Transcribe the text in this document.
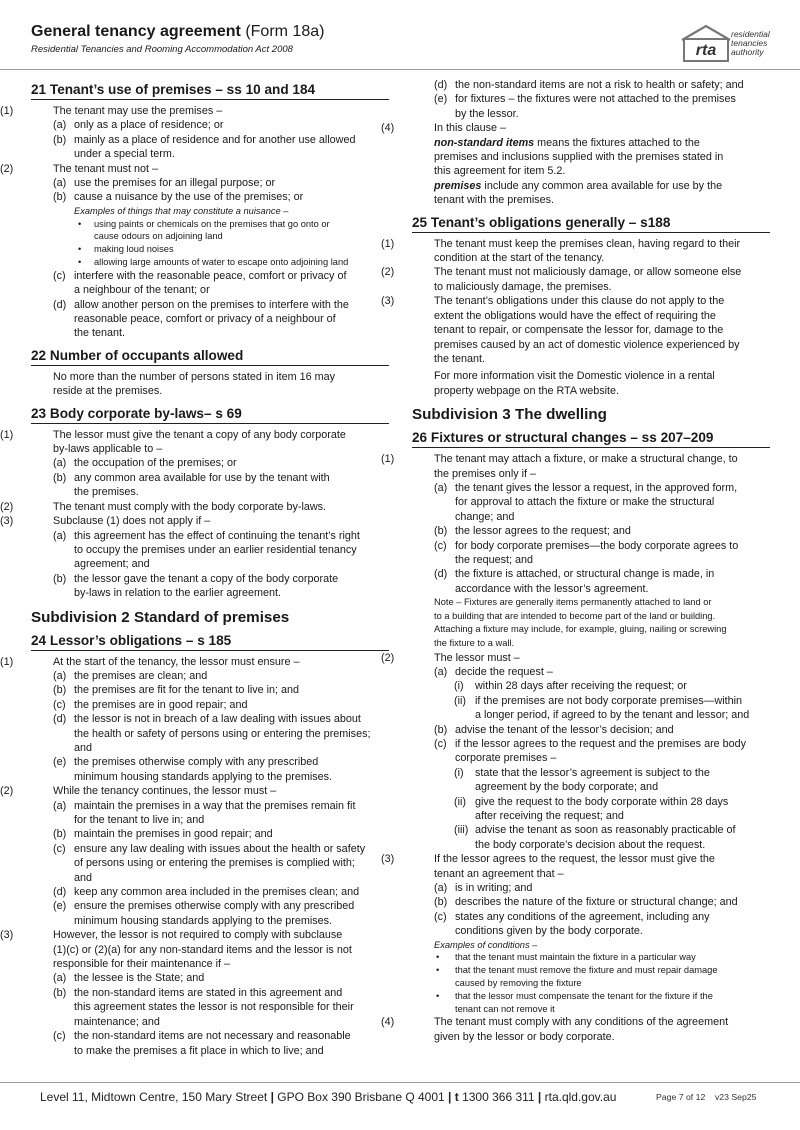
General tenancy agreement (Form 18a)
Residential Tenancies and Rooming Accommodation Act 2008	rta
residential
tenancies
authority
21 Tenant’s use of premises – ss 10 and 184
(1)	The tenant may use the premises –
(a) only as a place of residence; or
(b) mainly as a place of residence and for another use allowed
under a special term.
(2)	The tenant must not –
(a) use the premises for an illegal purpose; or
(b) cause a nuisance by the use of the premises; or
Examples of things that may constitute a nuisance –
• using paints or chemicals on the premises that go onto or
cause odours on adjoining land
• making loud noises
• allowing large amounts of water to escape onto adjoining land
(c) interfere with the reasonable peace, comfort or privacy of
a neighbour of the tenant; or
(d) allow another person on the premises to interfere with the
reasonable peace, comfort or privacy of a neighbour of
the tenant.
22 Number of occupants allowed
No more than the number of persons stated in item 16 may
reside at the premises.
23 Body corporate by-laws– s 69
(1)	The lessor must give the tenant a copy of any body corporate
by-laws applicable to –
(a) the occupation of the premises; or
(b) any common area available for use by the tenant with
the premises.
(2)	The tenant must comply with the body corporate by-laws.
(3)	Subclause (1) does not apply if –
(a) this agreement has the effect of continuing the tenant’s right
to occupy the premises under an earlier residential tenancy
agreement; and
(b) the lessor gave the tenant a copy of the body corporate
by-laws in relation to the earlier agreement.
Subdivision 2 Standard of premises
24 Lessor’s obligations – s 185
(1)	At the start of the tenancy, the lessor must ensure –
(a) the premises are clean; and
(b) the premises are fit for the tenant to live in; and
(c) the premises are in good repair; and
(d) the lessor is not in breach of a law dealing with issues about
the health or safety of persons using or entering the premises;
and
(e) the premises otherwise comply with any prescribed
minimum housing standards applying to the premises.
(2)	While the tenancy continues, the lessor must –
(a) maintain the premises in a way that the premises remain fit
for the tenant to live in; and
(b) maintain the premises in good repair; and
(c) ensure any law dealing with issues about the health or safety
of persons using or entering the premises is complied with;
and
(d) keep any common area included in the premises clean; and
(e) ensure the premises otherwise comply with any prescribed
minimum housing standards applying to the premises.
(3)	However, the lessor is not required to comply with subclause
(1)(c) or (2)(a) for any non-standard items and the lessor is not
responsible for their maintenance if –
(a) the lessee is the State; and
(b) the non-standard items are stated in this agreement and
this agreement states the lessor is not responsible for their
maintenance; and
(c) the non-standard items are not necessary and reasonable
to make the premises a fit place in which to live; and
(d) the non-standard items are not a risk to health or safety; and
(e) for fixtures – the fixtures were not attached to the premises
by the lessor.
(4)	In this clause –
non-standard items means the fixtures attached to the
premises and inclusions supplied with the premises stated in
this agreement for item 5.2.
premises include any common area available for use by the
tenant with the premises.
25 Tenant’s obligations generally – s188
(1)	The tenant must keep the premises clean, having regard to their
condition at the start of the tenancy.
(2)	The tenant must not maliciously damage, or allow someone else
to maliciously damage, the premises.
(3)	The tenant’s obligations under this clause do not apply to the
extent the obligations would have the effect of requiring the
tenant to repair, or compensate the lessor for, damage to the
premises caused by an act of domestic violence experienced by
the tenant.
For more information visit the Domestic violence in a rental
property webpage on the RTA website.
Subdivision 3 The dwelling
26 Fixtures or structural changes – ss 207–209
(1)	The tenant may attach a fixture, or make a structural change, to
the premises only if –
(a) the tenant gives the lessor a request, in the approved form,
for approval to attach the fixture or make the structural
change; and
(b) the lessor agrees to the request; and
(c) for body corporate premises—the body corporate agrees to
the request; and
(d) the fixture is attached, or structural change is made, in
accordance with the lessor’s agreement.
Note – Fixtures are generally items permanently attached to land or
to a building that are intended to become part of the land or building.
Attaching a fixture may include, for example, gluing, nailing or screwing
the fixture to a wall.
(2)	The lessor must –
(a) decide the request –
(i) within 28 days after receiving the request; or
(ii) if the premises are not body corporate premises—within
a longer period, if agreed to by the tenant and lessor; and
(b) advise the tenant of the lessor’s decision; and
(c) if the lessor agrees to the request and the premises are body
corporate premises –
(i) state that the lessor’s agreement is subject to the
agreement by the body corporate; and
(ii) give the request to the body corporate within 28 days
after receiving the request; and
(iii) advise the tenant as soon as reasonably practicable of
the body corporate’s decision about the request.
(3)	If the lessor agrees to the request, the lessor must give the
tenant an agreement that –
(a) is in writing; and
(b) describes the nature of the fixture or structural change; and
(c) states any conditions of the agreement, including any
conditions given by the body corporate.
Examples of conditions –
• that the tenant must maintain the fixture in a particular way
• that the tenant must remove the fixture and must repair damage
caused by removing the fixture
• that the lessor must compensate the tenant for the fixture if the
tenant can not remove it
(4)	The tenant must comply with any conditions of the agreement
given by the lessor or body corporate.
Level 11, Midtown Centre, 150 Mary Street | GPO Box 390 Brisbane Q 4001 | t 1300 366 311 | rta.qld.gov.au	Page 7 of 12 v23 Sep25
